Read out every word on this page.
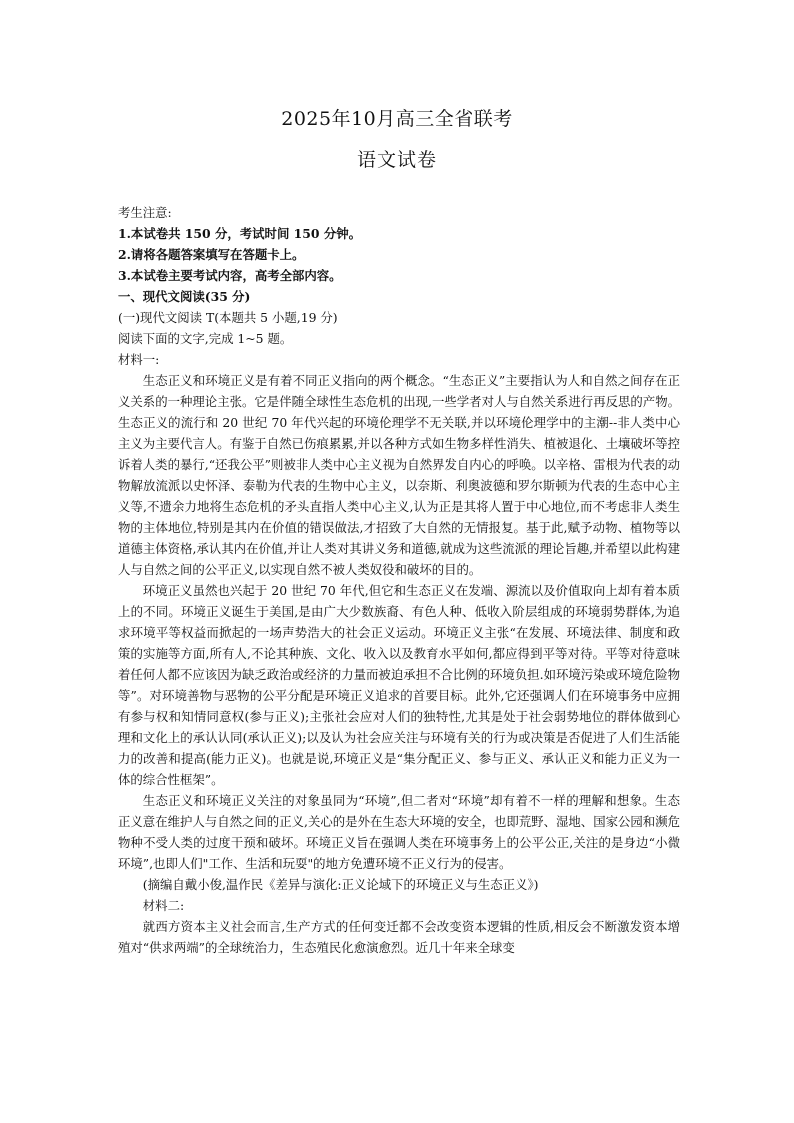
2025年10月高三全省联考
语文试卷

考生注意:

1.本试卷共 150 分，考试时间 150 分钟。

2.请将各题答案填写在答题卡上。

3.本试卷主要考试内容，高考全部内容。

一、现代文阅读(35 分)

(一)现代文阅读 T(本题共 5 小题,19 分)

阅读下面的文字,完成 1~5 题。

材料一:

生态正义和环境正义是有着不同正义指向的两个概念。“生态正义”主要指认为人和自然之间存在正义关系的一种理论主张。它是伴随全球性生态危机的出现,一些学者对人与自然关系进行再反思的产物。生态正义的流行和 20 世纪 70 年代兴起的环境伦理学不无关联,并以环境伦理学中的主潮--非人类中心主义为主要代言人。有鉴于自然已伤痕累累,并以各种方式如生物多样性消失、植被退化、土壤破坏等控诉着人类的暴行,“还我公平”则被非人类中心主义视为自然界发自内心的呼唤。以辛格、雷根为代表的动物解放流派以史怀泽、泰勒为代表的生物中心主义，以奈斯、利奥波德和罗尔斯顿为代表的生态中心主义等,不遗余力地将生态危机的矛头直指人类中心主义,认为正是其将人置于中心地位,而不考虑非人类生物的主体地位,特别是其内在价值的错误做法,才招致了大自然的无情报复。基于此,赋予动物、植物等以道德主体资格,承认其内在价值,并让人类对其讲义务和道德,就成为这些流派的理论旨趣,并希望以此构建人与自然之间的公平正义,以实现自然不被人类奴役和破坏的目的。

环境正义虽然也兴起于 20 世纪 70 年代,但它和生态正义在发端、源流以及价值取向上却有着本质上的不同。环境正义诞生于美国,是由广大少数族裔、有色人种、低收入阶层组成的环境弱势群体,为追求环境平等权益而掀起的一场声势浩大的社会正义运动。环境正义主张“在发展、环境法律、制度和政策的实施等方面,所有人,不论其种族、文化、收入以及教育水平如何,都应得到平等对待。平等对待意味着任何人都不应该因为缺乏政治或经济的力量而被迫承担不合比例的环境负担.如环境污染或环境危险物等”。对环境善物与恶物的公平分配是环境正义追求的首要目标。此外,它还强调人们在环境事务中应拥有参与权和知情同意权(参与正义);主张社会应对人们的独特性,尤其是处于社会弱势地位的群体做到心理和文化上的承认认同(承认正义);以及认为社会应关注与环境有关的行为或决策是否促进了人们生活能力的改善和提高(能力正义)。也就是说,环境正义是“集分配正义、参与正义、承认正义和能力正义为一体的综合性框架”。

生态正义和环境正义关注的对象虽同为“环境”,但二者对“环境”却有着不一样的理解和想象。生态正义意在维护人与自然之间的正义,关心的是外在生态大环境的安全，也即荒野、湿地、国家公园和濒危物种不受人类的过度干预和破坏。环境正义旨在强调人类在环境事务上的公平公正,关注的是身边“小微环境”,也即人们"工作、生活和玩耍"的地方免遭环境不正义行为的侵害。

(摘编自戴小俊,温作民《差异与演化:正义论域下的环境正义与生态正义》)

材料二:

就西方资本主义社会而言,生产方式的任何变迁都不会改变资本逻辑的性质,相反会不断激发资本增殖对“供求两端”的全球统治力，生态殖民化愈演愈烈。近几十年来全球变
